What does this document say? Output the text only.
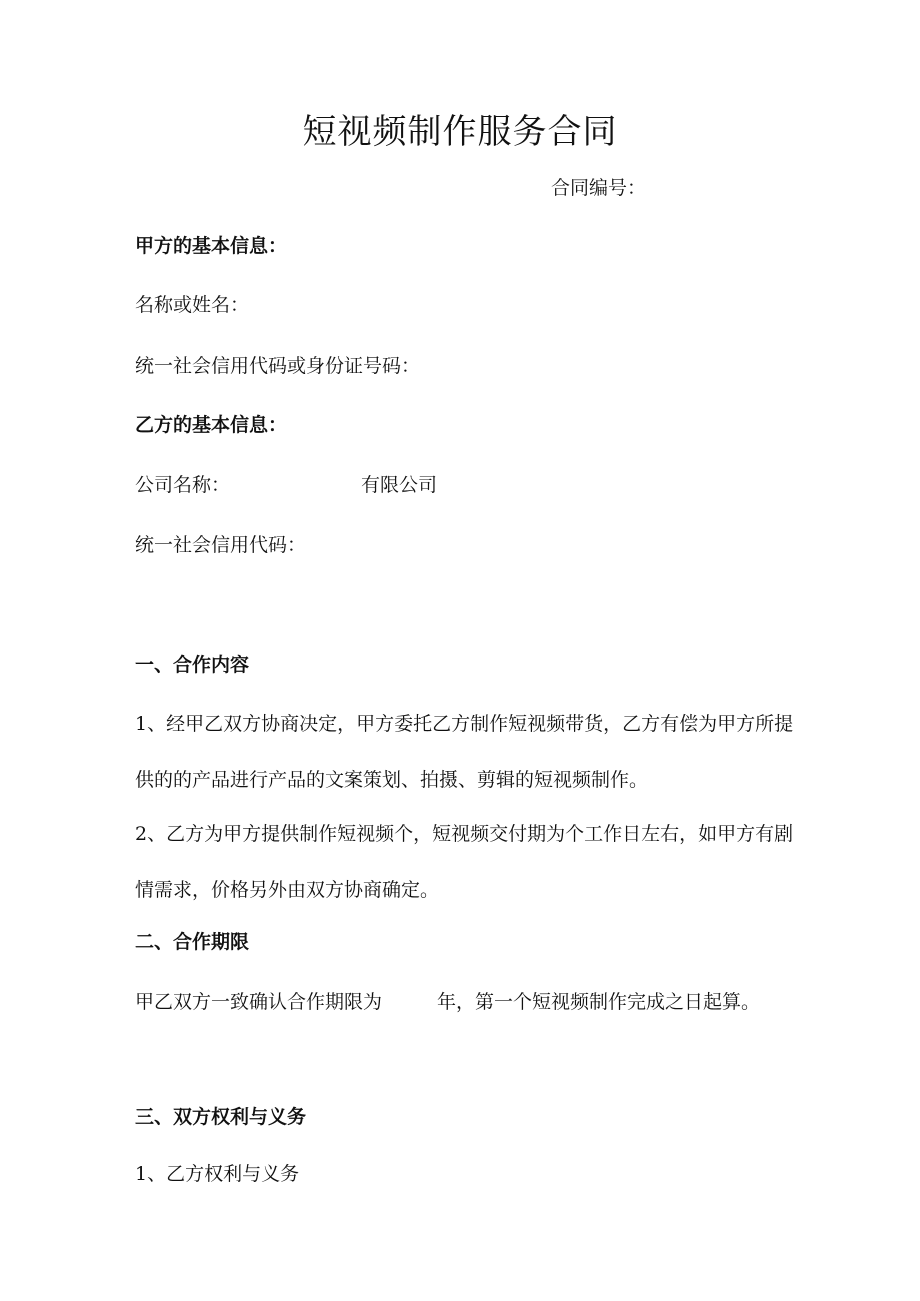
短视频制作服务合同
合同编号：
甲方的基本信息：
名称或姓名：
统一社会信用代码或身份证号码：
乙方的基本信息：
公司名称：	有限公司
统一社会信用代码：
一、合作内容
1、经甲乙双方协商决定，甲方委托乙方制作短视频带货，乙方有偿为甲方所提供的的产品进行产品的文案策划、拍摄、剪辑的短视频制作。
2、乙方为甲方提供制作短视频个，短视频交付期为个工作日左右，如甲方有剧情需求，价格另外由双方协商确定。
二、合作期限
甲乙双方一致确认合作期限为	年，第一个短视频制作完成之日起算。
三、双方权利与义务
1、乙方权利与义务
